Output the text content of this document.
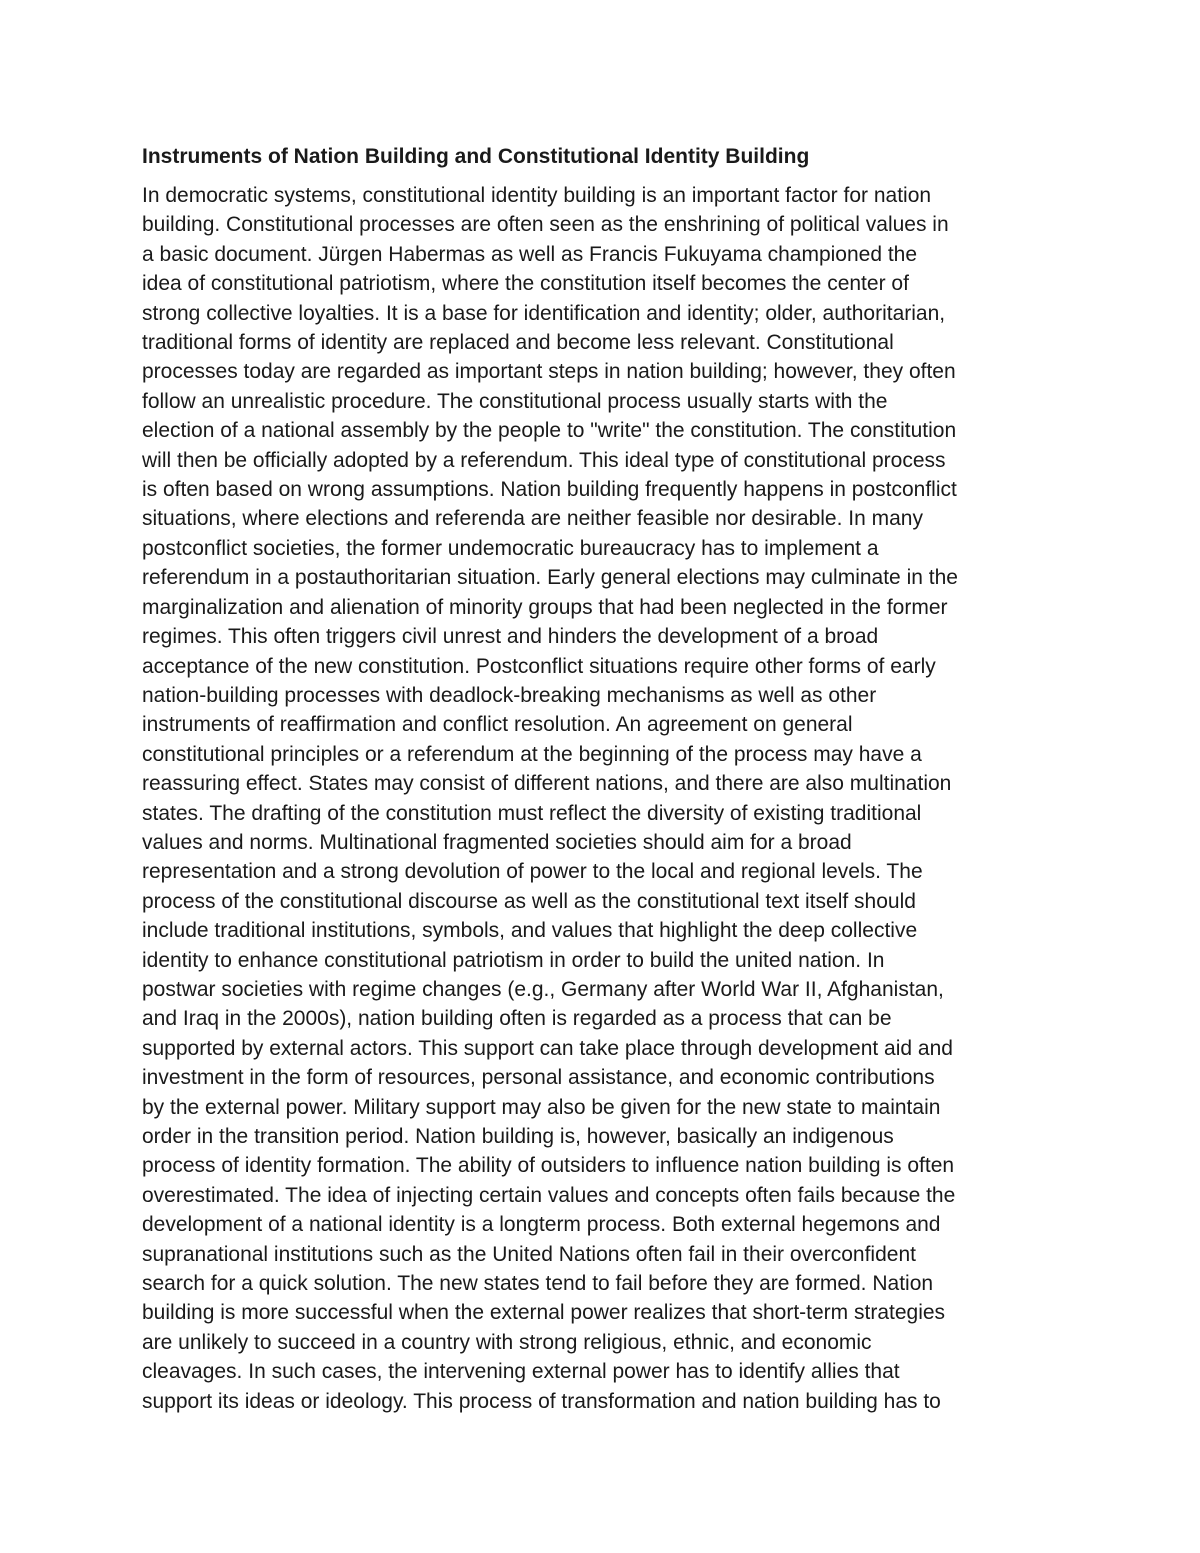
Instruments of Nation Building and Constitutional Identity Building

In democratic systems, constitutional identity building is an important factor for nation

building. Constitutional processes are often seen as the enshrining of political values in

a basic document. Jürgen Habermas as well as Francis Fukuyama championed the

idea of constitutional patriotism, where the constitution itself becomes the center of

strong collective loyalties. It is a base for identification and identity; older, authoritarian,

traditional forms of identity are replaced and become less relevant. Constitutional

processes today are regarded as important steps in nation building; however, they often

follow an unrealistic procedure. The constitutional process usually starts with the

election of a national assembly by the people to "write" the constitution. The constitution

will then be officially adopted by a referendum. This ideal type of constitutional process

is often based on wrong assumptions. Nation building frequently happens in postconflict

situations, where elections and referenda are neither feasible nor desirable. In many

postconflict societies, the former undemocratic bureaucracy has to implement a

referendum in a postauthoritarian situation. Early general elections may culminate in the

marginalization and alienation of minority groups that had been neglected in the former

regimes. This often triggers civil unrest and hinders the development of a broad

acceptance of the new constitution. Postconflict situations require other forms of early

nation-building processes with deadlock-breaking mechanisms as well as other

instruments of reaffirmation and conflict resolution. An agreement on general

constitutional principles or a referendum at the beginning of the process may have a

reassuring effect. States may consist of different nations, and there are also multination

states. The drafting of the constitution must reflect the diversity of existing traditional

values and norms. Multinational fragmented societies should aim for a broad

representation and a strong devolution of power to the local and regional levels. The

process of the constitutional discourse as well as the constitutional text itself should

include traditional institutions, symbols, and values that highlight the deep collective

identity to enhance constitutional patriotism in order to build the united nation. In

postwar societies with regime changes (e.g., Germany after World War II, Afghanistan,

and Iraq in the 2000s), nation building often is regarded as a process that can be

supported by external actors. This support can take place through development aid and

investment in the form of resources, personal assistance, and economic contributions

by the external power. Military support may also be given for the new state to maintain

order in the transition period. Nation building is, however, basically an indigenous

process of identity formation. The ability of outsiders to influence nation building is often

overestimated. The idea of injecting certain values and concepts often fails because the

development of a national identity is a longterm process. Both external hegemons and

supranational institutions such as the United Nations often fail in their overconfident

search for a quick solution. The new states tend to fail before they are formed. Nation

building is more successful when the external power realizes that short-term strategies

are unlikely to succeed in a country with strong religious, ethnic, and economic

cleavages. In such cases, the intervening external power has to identify allies that

support its ideas or ideology. This process of transformation and nation building has to
